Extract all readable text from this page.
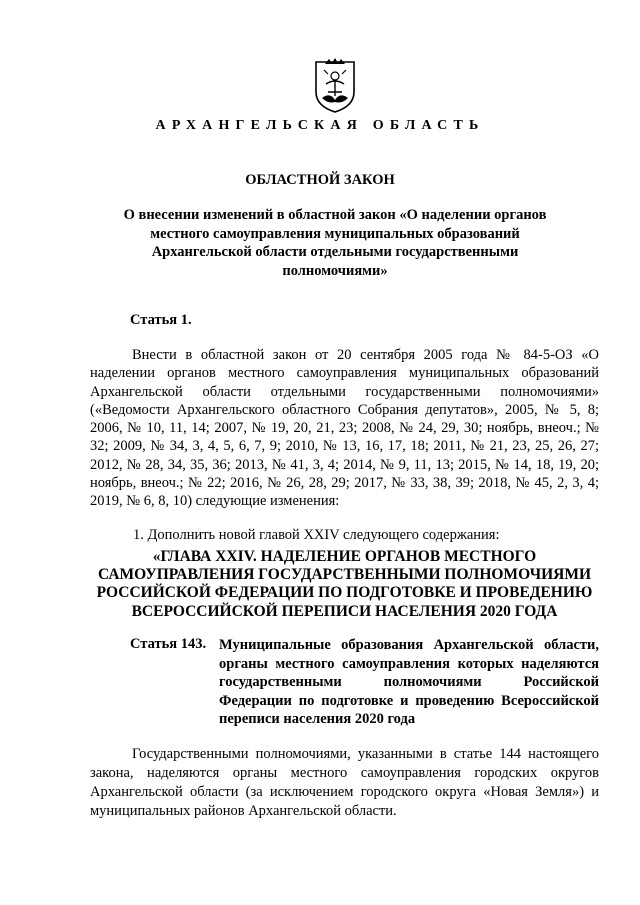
АРХАНГЕЛЬСКАЯ ОБЛАСТЬ
ОБЛАСТНОЙ ЗАКОН
О внесении изменений в областной закон «О наделении органов местного самоуправления муниципальных образований Архангельской области отдельными государственными полномочиями»
Статья 1.

Внести в областной закон от 20 сентября 2005 года № 84-5-ОЗ «О наделении органов местного самоуправления муниципальных образований Архангельской области отдельными государственными полномочиями» («Ведомости Архангельского областного Собрания депутатов», 2005, № 5, 8; 2006, № 10, 11, 14; 2007, № 19, 20, 21, 23; 2008, № 24, 29, 30; ноябрь, внеоч.; № 32; 2009, № 34, 3, 4, 5, 6, 7, 9; 2010, № 13, 16, 17, 18; 2011, № 21, 23, 25, 26, 27; 2012, № 28, 34, 35, 36; 2013, № 41, 3, 4; 2014, № 9, 11, 13; 2015, № 14, 18, 19, 20; ноябрь, внеоч.; № 22; 2016, № 26, 28, 29; 2017, № 33, 38, 39; 2018, № 45, 2, 3, 4; 2019, № 6, 8, 10) следующие изменения:

1. Дополнить новой главой XXIV следующего содержания:
«ГЛАВА XXIV. НАДЕЛЕНИЕ ОРГАНОВ МЕСТНОГО САМОУПРАВЛЕНИЯ ГОСУДАРСТВЕННЫМИ ПОЛНОМОЧИЯМИ РОССИЙСКОЙ ФЕДЕРАЦИИ ПО ПОДГОТОВКЕ И ПРОВЕДЕНИЮ ВСЕРОССИЙСКОЙ ПЕРЕПИСИ НАСЕЛЕНИЯ 2020 ГОДА
Статья 143. Муниципальные образования Архангельской области, органы местного самоуправления которых наделяются государственными полномочиями Российской Федерации по подготовке и проведению Всероссийской переписи населения 2020 года

Государственными полномочиями, указанными в статье 144 настоящего закона, наделяются органы местного самоуправления городских округов Архангельской области (за исключением городского округа «Новая Земля») и муниципальных районов Архангельской области.
